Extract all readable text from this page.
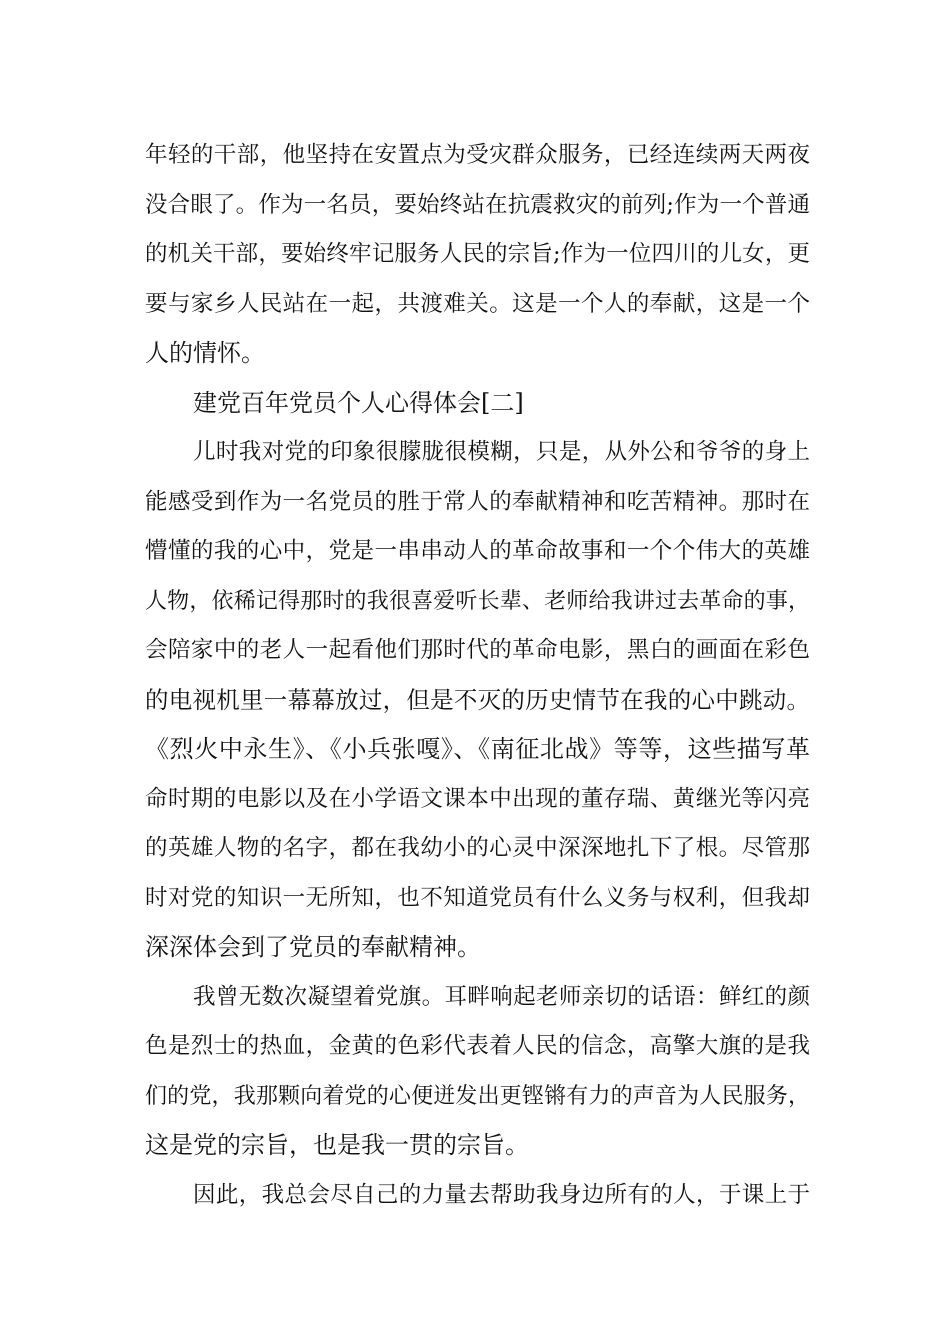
年轻的干部，他坚持在安置点为受灾群众服务，已经连续两天两夜
没合眼了。作为一名员，要始终站在抗震救灾的前列;作为一个普通
的机关干部，要始终牢记服务人民的宗旨;作为一位四川的儿女，更
要与家乡人民站在一起，共渡难关。这是一个人的奉献，这是一个
人的情怀。
建党百年党员个人心得体会[二]
儿时我对党的印象很朦胧很模糊，只是，从外公和爷爷的身上
能感受到作为一名党员的胜于常人的奉献精神和吃苦精神。那时在
懵懂的我的心中，党是一串串动人的革命故事和一个个伟大的英雄
人物，依稀记得那时的我很喜爱听长辈、老师给我讲过去革命的事，
会陪家中的老人一起看他们那时代的革命电影，黑白的画面在彩色
的电视机里一幕幕放过，但是不灭的历史情节在我的心中跳动。
《烈火中永生》、《小兵张嘎》、《南征北战》等等，这些描写革
命时期的电影以及在小学语文课本中出现的董存瑞、黄继光等闪亮
的英雄人物的名字，都在我幼小的心灵中深深地扎下了根。尽管那
时对党的知识一无所知，也不知道党员有什么义务与权利，但我却
深深体会到了党员的奉献精神。
我曾无数次凝望着党旗。耳畔响起老师亲切的话语：鲜红的颜
色是烈士的热血，金黄的色彩代表着人民的信念，高擎大旗的是我
们的党，我那颗向着党的心便迸发出更铿锵有力的声音为人民服务，
这是党的宗旨，也是我一贯的宗旨。
因此，我总会尽自己的力量去帮助我身边所有的人，于课上于
